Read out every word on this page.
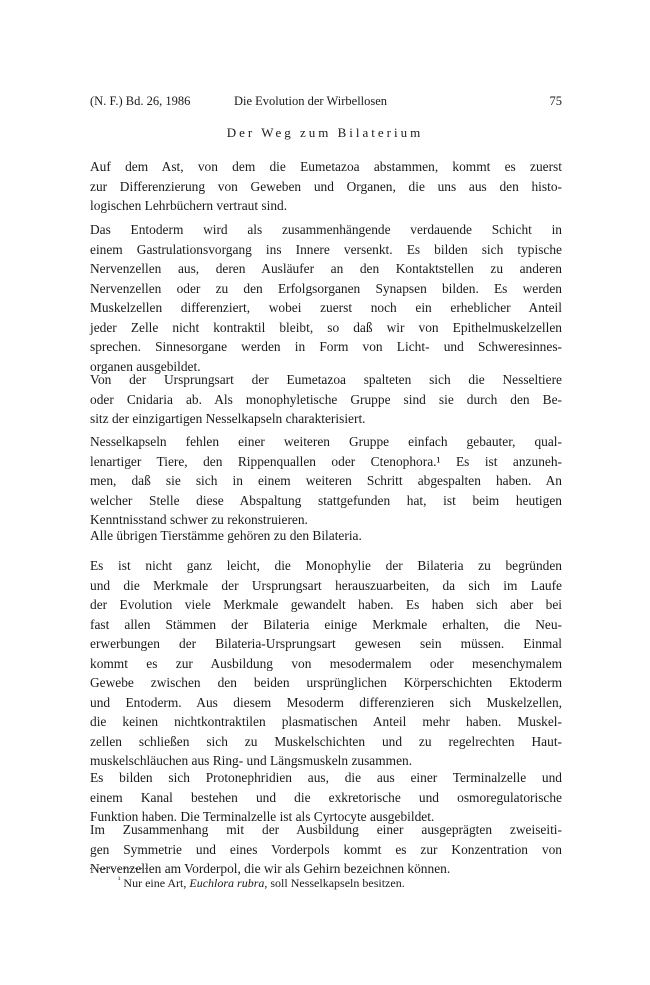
(N. F.) Bd. 26, 1986	Die Evolution der Wirbellosen	75
Der Weg zum Bilaterium

Auf dem Ast, von dem die Eumetazoa abstammen, kommt es zuerst
zur Differenzierung von Geweben und Organen, die uns aus den histo-
logischen Lehrbüchern vertraut sind.

Das Entoderm wird als zusammenhängende verdauende Schicht in
einem Gastrulationsvorgang ins Innere versenkt. Es bilden sich typische
Nervenzellen aus, deren Ausläufer an den Kontaktstellen zu anderen
Nervenzellen oder zu den Erfolgsorganen Synapsen bilden. Es werden
Muskelzellen differenziert, wobei zuerst noch ein erheblicher Anteil
jeder Zelle nicht kontraktil bleibt, so daß wir von Epithelmuskelzellen
sprechen. Sinnesorgane werden in Form von Licht- und Schweresinnes-
organen ausgebildet.

Von der Ursprungsart der Eumetazoa spalteten sich die Nesseltiere
oder Cnidaria ab. Als monophyletische Gruppe sind sie durch den Be-
sitz der einzigartigen Nesselkapseln charakterisiert.

Nesselkapseln fehlen einer weiteren Gruppe einfach gebauter, qual-
lenartiger Tiere, den Rippenquallen oder Ctenophora.¹ Es ist anzuneh-
men, daß sie sich in einem weiteren Schritt abgespalten haben. An
welcher Stelle diese Abspaltung stattgefunden hat, ist beim heutigen
Kenntnisstand schwer zu rekonstruieren.

Alle übrigen Tierstämme gehören zu den Bilateria.

Es ist nicht ganz leicht, die Monophylie der Bilateria zu begründen
und die Merkmale der Ursprungsart herauszuarbeiten, da sich im Laufe
der Evolution viele Merkmale gewandelt haben. Es haben sich aber bei
fast allen Stämmen der Bilateria einige Merkmale erhalten, die Neu-
erwerbungen der Bilateria-Ursprungsart gewesen sein müssen. Einmal
kommt es zur Ausbildung von mesodermalem oder mesenchymalem
Gewebe zwischen den beiden ursprünglichen Körperschichten Ektoderm
und Entoderm. Aus diesem Mesoderm differenzieren sich Muskelzellen,
die keinen nichtkontraktilen plasmatischen Anteil mehr haben. Muskel-
zellen schließen sich zu Muskelschichten und zu regelrechten Haut-
muskelschläuchen aus Ring- und Längsmuskeln zusammen.

Es bilden sich Protonephridien aus, die aus einer Terminalzelle und
einem Kanal bestehen und die exkretorische und osmoregulatorische
Funktion haben. Die Terminalzelle ist als Cyrtocyte ausgebildet.

Im Zusammenhang mit der Ausbildung einer ausgeprägten zweiseiti-
gen Symmetrie und eines Vorderpols kommt es zur Konzentration von
Nervenzellen am Vorderpol, die wir als Gehirn bezeichnen können.

$^{^1}$ Nur eine Art, Euchlora rubra, soll Nesselkapseln besitzen.
